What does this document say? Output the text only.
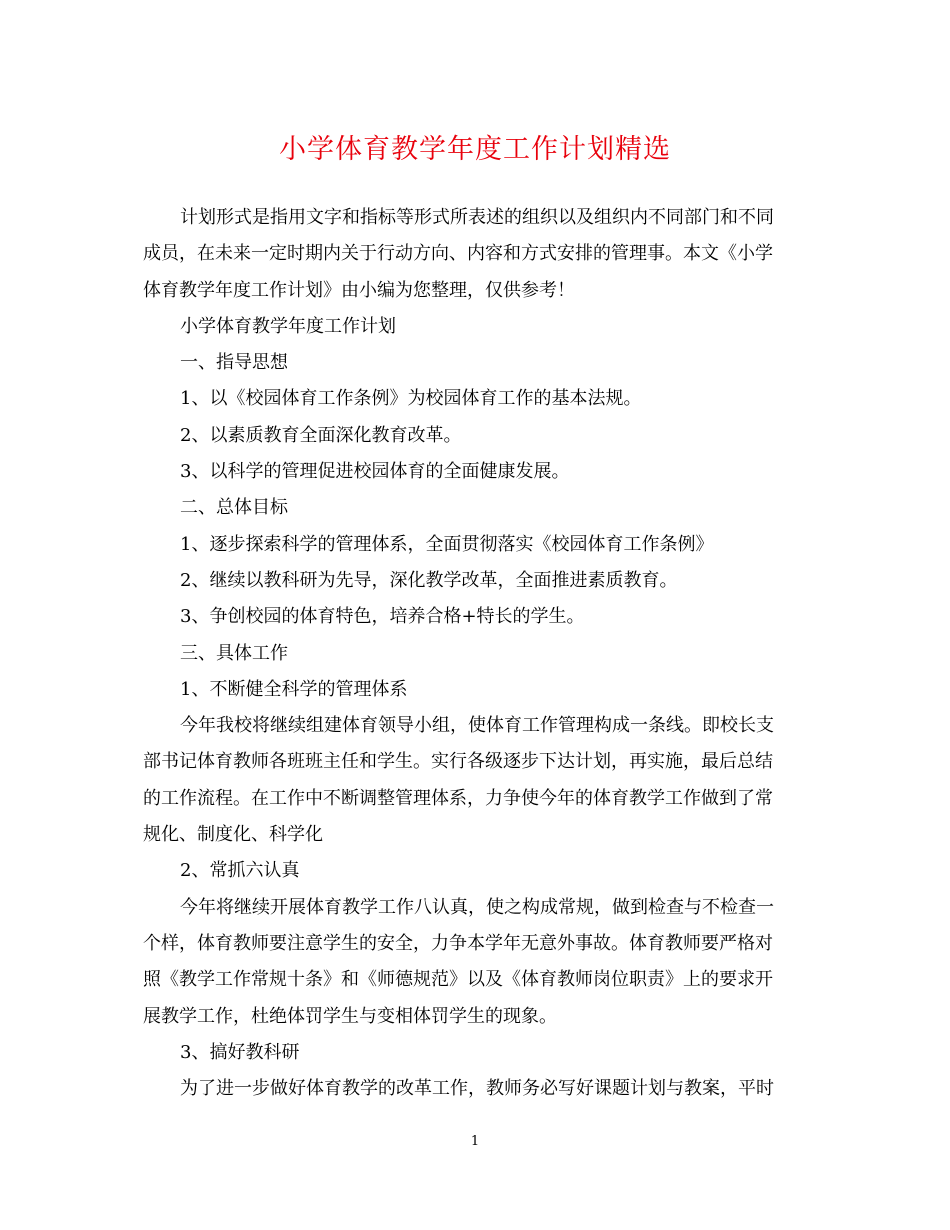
小学体育教学年度工作计划精选
计划形式是指用文字和指标等形式所表述的组织以及组织内不同部门和不同
成员，在未来一定时期内关于行动方向、内容和方式安排的管理事。本文《小学
体育教学年度工作计划》由小编为您整理，仅供参考！
小学体育教学年度工作计划
一、指导思想
1、以《校园体育工作条例》为校园体育工作的基本法规。
2、以素质教育全面深化教育改革。
3、以科学的管理促进校园体育的全面健康发展。
二、总体目标
1、逐步探索科学的管理体系，全面贯彻落实《校园体育工作条例》
2、继续以教科研为先导，深化教学改革，全面推进素质教育。
3、争创校园的体育特色，培养合格+特长的学生。
三、具体工作
1、不断健全科学的管理体系
今年我校将继续组建体育领导小组，使体育工作管理构成一条线。即校长支
部书记体育教师各班班主任和学生。实行各级逐步下达计划，再实施，最后总结
的工作流程。在工作中不断调整管理体系，力争使今年的体育教学工作做到了常
规化、制度化、科学化
2、常抓六认真
今年将继续开展体育教学工作八认真，使之构成常规，做到检查与不检查一
个样，体育教师要注意学生的安全，力争本学年无意外事故。体育教师要严格对
照《教学工作常规十条》和《师德规范》以及《体育教师岗位职责》上的要求开
展教学工作，杜绝体罚学生与变相体罚学生的现象。
3、搞好教科研
为了进一步做好体育教学的改革工作，教师务必写好课题计划与教案，平时
1
